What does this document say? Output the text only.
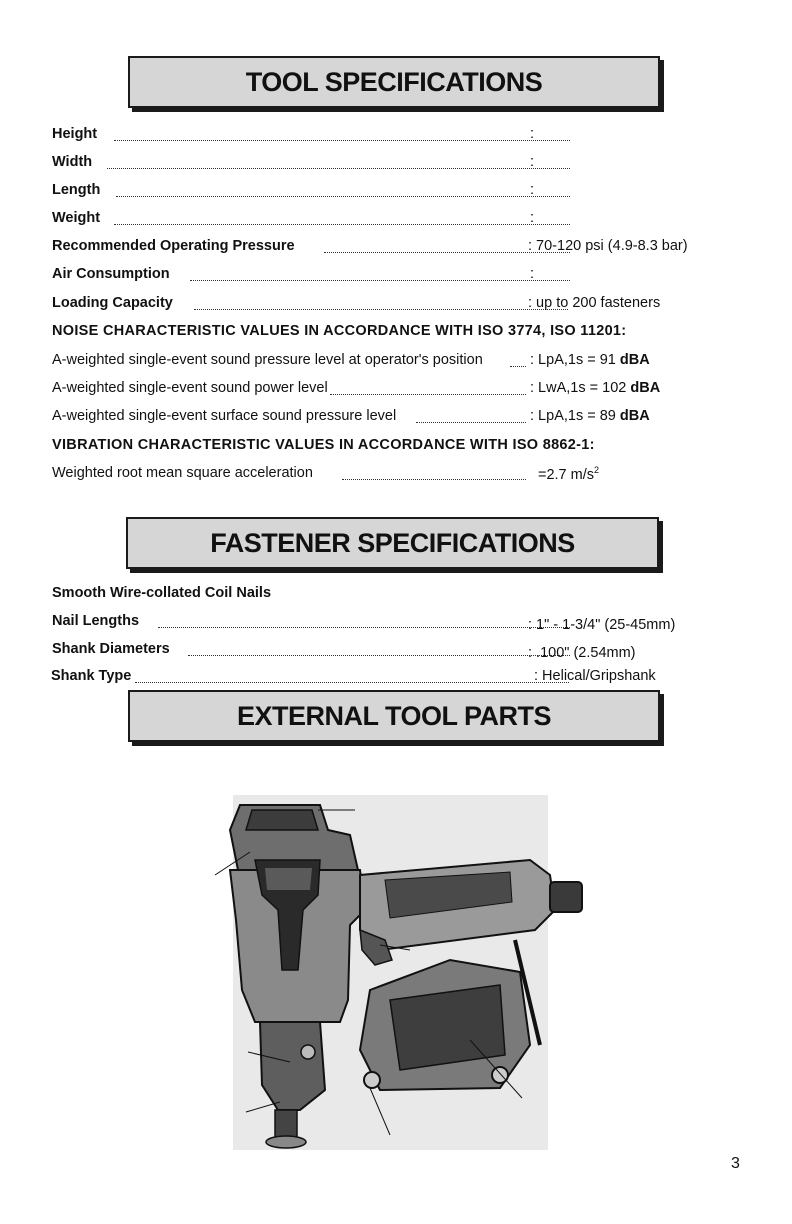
TOOL SPECIFICATIONS
Height	:
Width	:
Length	:
Weight	:
Recommended Operating Pressure	: 70-120 psi (4.9-8.3 bar)
Air Consumption	:
Loading Capacity	: up to 200 fasteners
NOISE CHARACTERISTIC VALUES IN ACCORDANCE WITH ISO 3774, ISO 11201:
A-weighted single-event sound pressure level at operator's position	: LpA,1s = 91 dBA
A-weighted single-event sound power level	: LwA,1s = 102 dBA
A-weighted single-event surface sound pressure level	: LpA,1s = 89 dBA
VIBRATION CHARACTERISTIC VALUES IN ACCORDANCE WITH ISO 8862-1:
Weighted root mean square acceleration	=2.7 $m/s^2$
FASTENER SPECIFICATIONS
Smooth Wire-collated Coil Nails
Nail Lengths	: 1" - 1-3/4" (25-45mm)
Shank Diameters	: .100" (2.54mm)
Shank Type	: Helical/Gripshank
EXTERNAL TOOL PARTS
3
